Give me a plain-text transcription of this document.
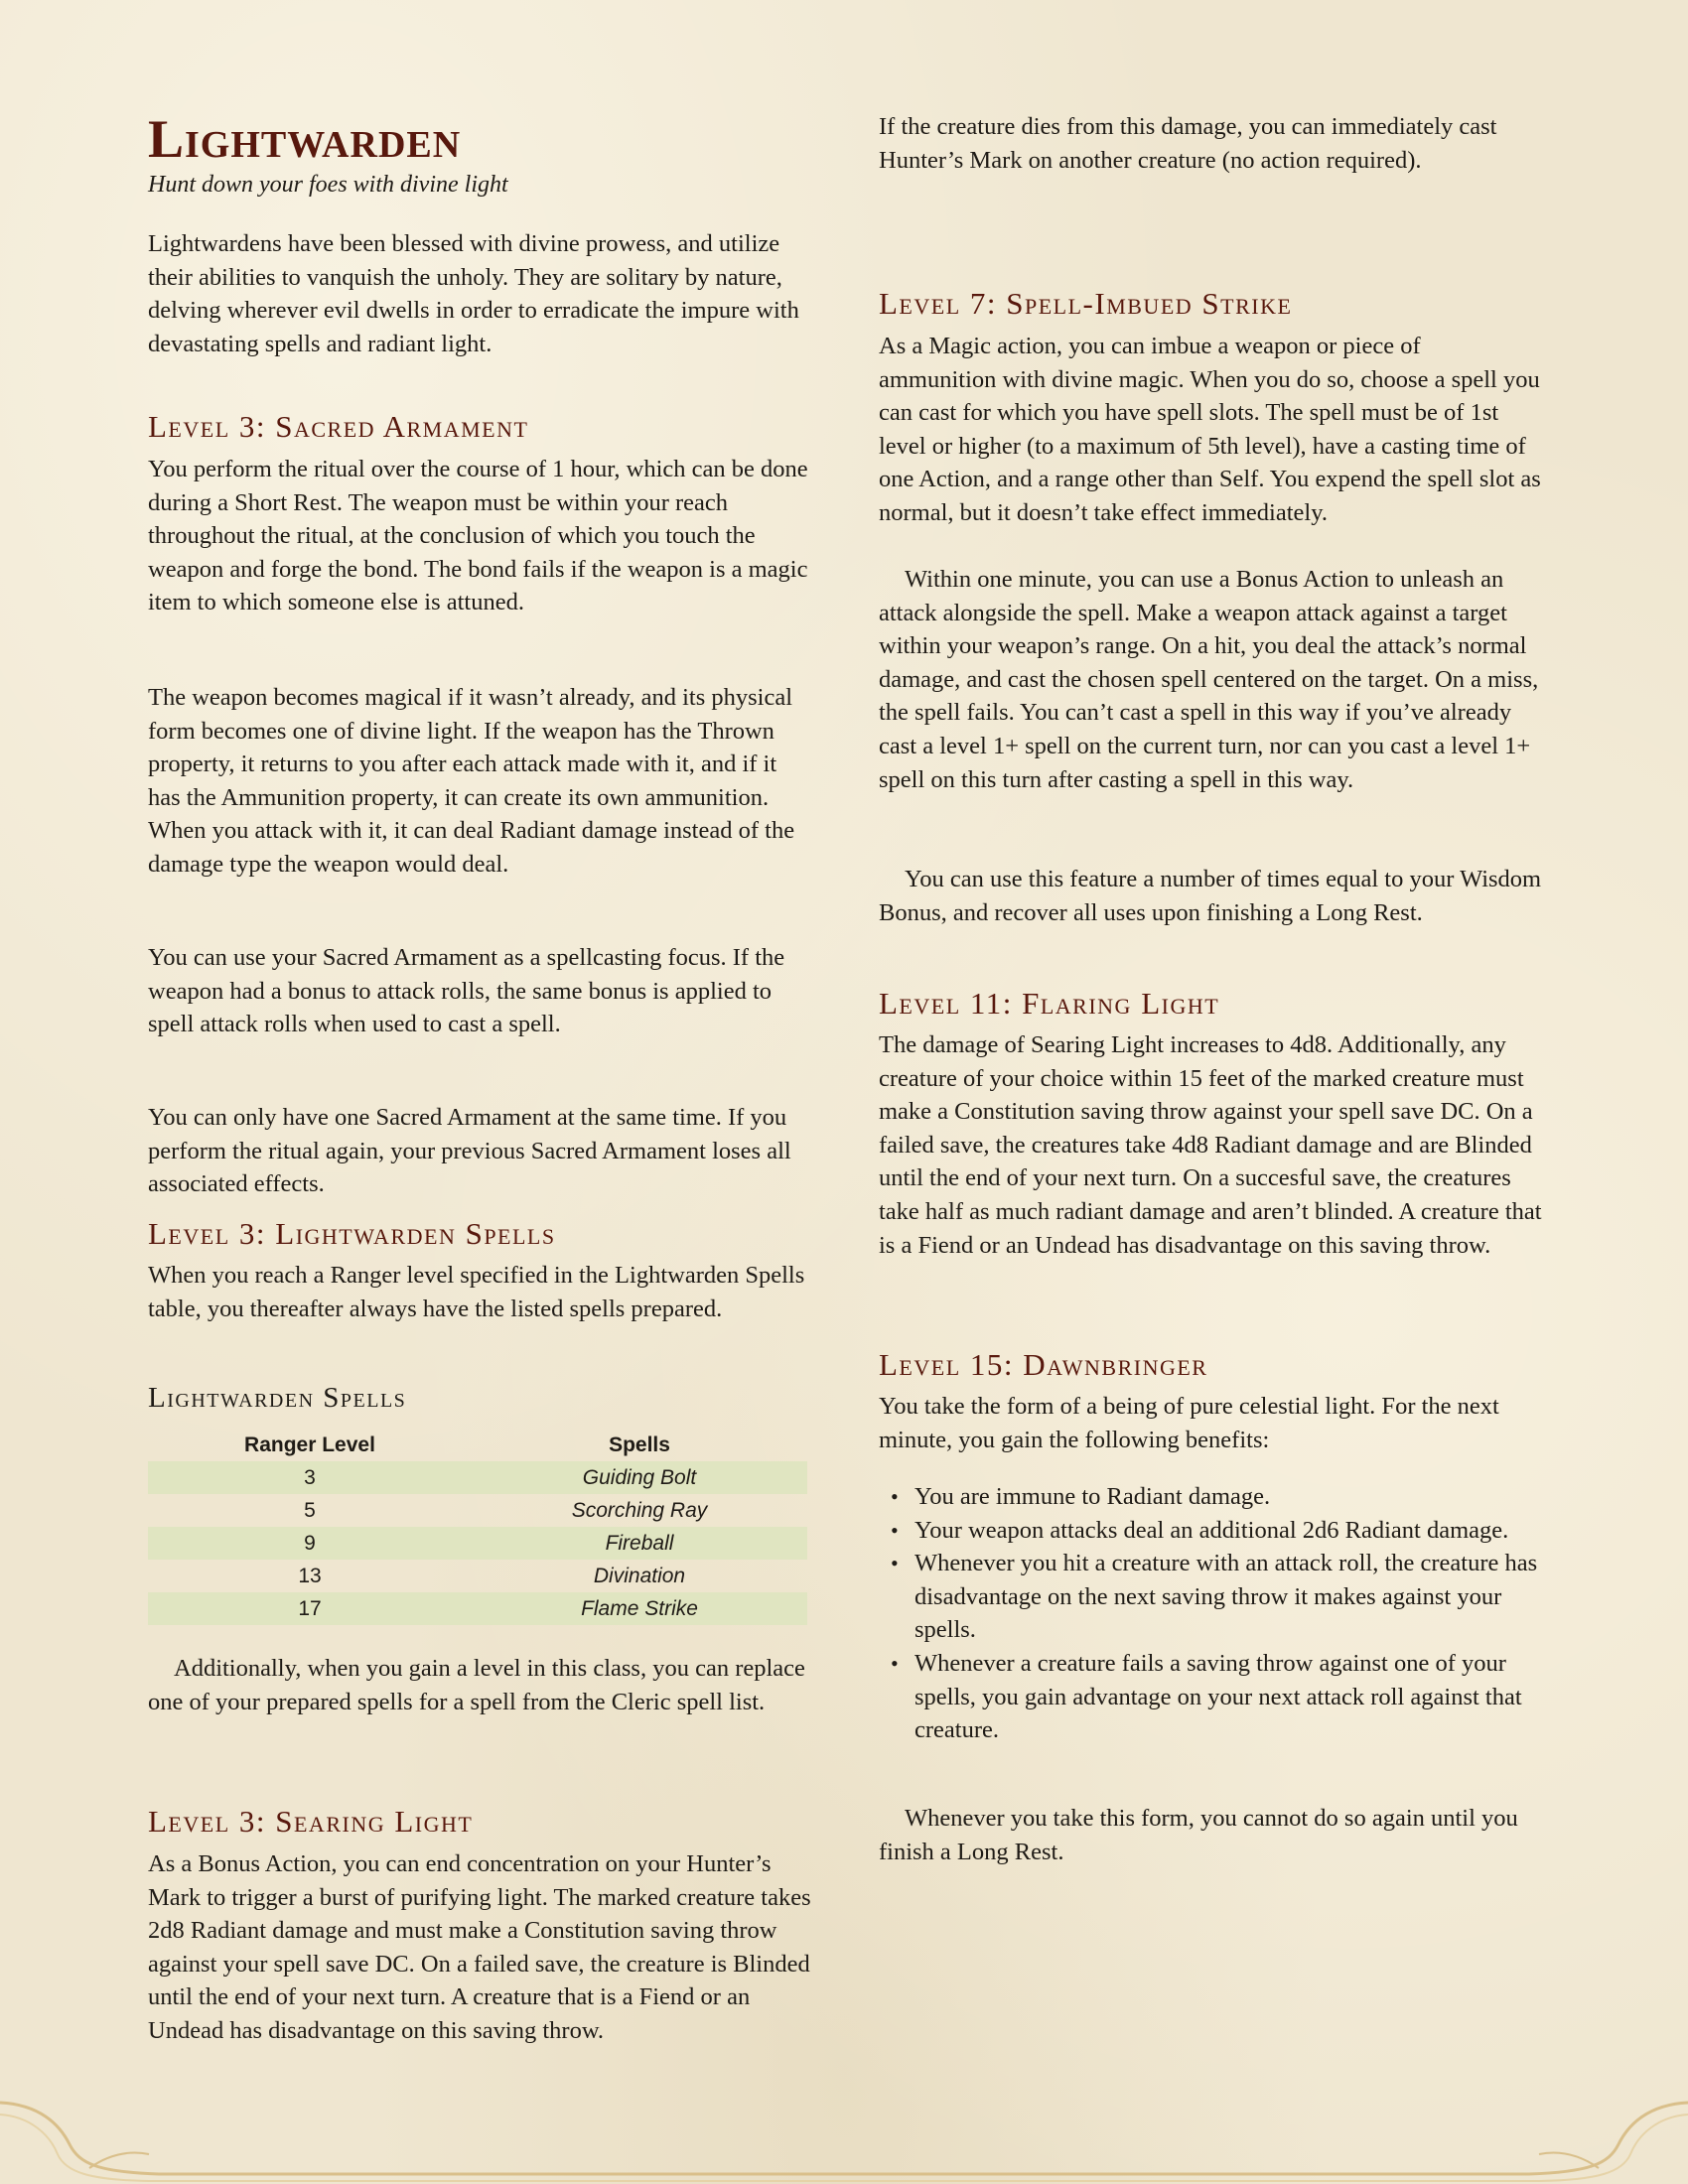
Lightwarden
Hunt down your foes with divine light

Lightwardens have been blessed with divine prowess, and utilize their abilities to vanquish the unholy. They are solitary by nature, delving wherever evil dwells in order to erradicate the impure with devastating spells and radiant light.

Level 3: Sacred Armament

You perform the ritual over the course of 1 hour, which can be done during a Short Rest. The weapon must be within your reach throughout the ritual, at the conclusion of which you touch the weapon and forge the bond. The bond fails if the weapon is a magic item to which someone else is attuned.

The weapon becomes magical if it wasn’t already, and its physical form becomes one of divine light. If the weapon has the Thrown property, it returns to you after each attack made with it, and if it has the Ammunition property, it can create its own ammunition. When you attack with it, it can deal Radiant damage instead of the damage type the weapon would deal.

You can use your Sacred Armament as a spellcasting focus. If the weapon had a bonus to attack rolls, the same bonus is applied to spell attack rolls when used to cast a spell.

You can only have one Sacred Armament at the same time. If you perform the ritual again, your previous Sacred Armament loses all associated effects.

Level 3: Lightwarden Spells

When you reach a Ranger level specified in the Lightwarden Spells table, you thereafter always have the listed spells prepared.

Lightwarden Spells
Ranger Level	Spells
3	Guiding Bolt
5	Scorching Ray
9	Fireball
13	Divination
17	Flame Strike

Additionally, when you gain a level in this class, you can replace one of your prepared spells for a spell from the Cleric spell list.

Level 3: Searing Light

As a Bonus Action, you can end concentration on your Hunter’s Mark to trigger a burst of purifying light. The marked creature takes 2d8 Radiant damage and must make a Constitution saving throw against your spell save DC. On a failed save, the creature is Blinded until the end of your next turn. A creature that is a Fiend or an Undead has disadvantage on this saving throw.

If the creature dies from this damage, you can immediately cast Hunter’s Mark on another creature (no action required).

Level 7: Spell-Imbued Strike

As a Magic action, you can imbue a weapon or piece of ammunition with divine magic. When you do so, choose a spell you can cast for which you have spell slots. The spell must be of 1st level or higher (to a maximum of 5th level), have a casting time of one Action, and a range other than Self. You expend the spell slot as normal, but it doesn’t take effect immediately.

Within one minute, you can use a Bonus Action to unleash an attack alongside the spell. Make a weapon attack against a target within your weapon’s range. On a hit, you deal the attack’s normal damage, and cast the chosen spell centered on the target. On a miss, the spell fails. You can’t cast a spell in this way if you’ve already cast a level 1+ spell on the current turn, nor can you cast a level 1+ spell on this turn after casting a spell in this way.

You can use this feature a number of times equal to your Wisdom Bonus, and recover all uses upon finishing a Long Rest.

Level 11: Flaring Light

The damage of Searing Light increases to 4d8. Additionally, any creature of your choice within 15 feet of the marked creature must make a Constitution saving throw against your spell save DC. On a failed save, the creatures take 4d8 Radiant damage and are Blinded until the end of your next turn. On a succesful save, the creatures take half as much radiant damage and aren’t blinded. A creature that is a Fiend or an Undead has disadvantage on this saving throw.

Level 15: Dawnbringer

You take the form of a being of pure celestial light. For the next minute, you gain the following benefits:

• You are immune to Radiant damage.
• Your weapon attacks deal an additional 2d6 Radiant damage.
• Whenever you hit a creature with an attack roll, the creature has disadvantage on the next saving throw it makes against your spells.
• Whenever a creature fails a saving throw against one of your spells, you gain advantage on your next attack roll against that creature.

Whenever you take this form, you cannot do so again until you finish a Long Rest.
